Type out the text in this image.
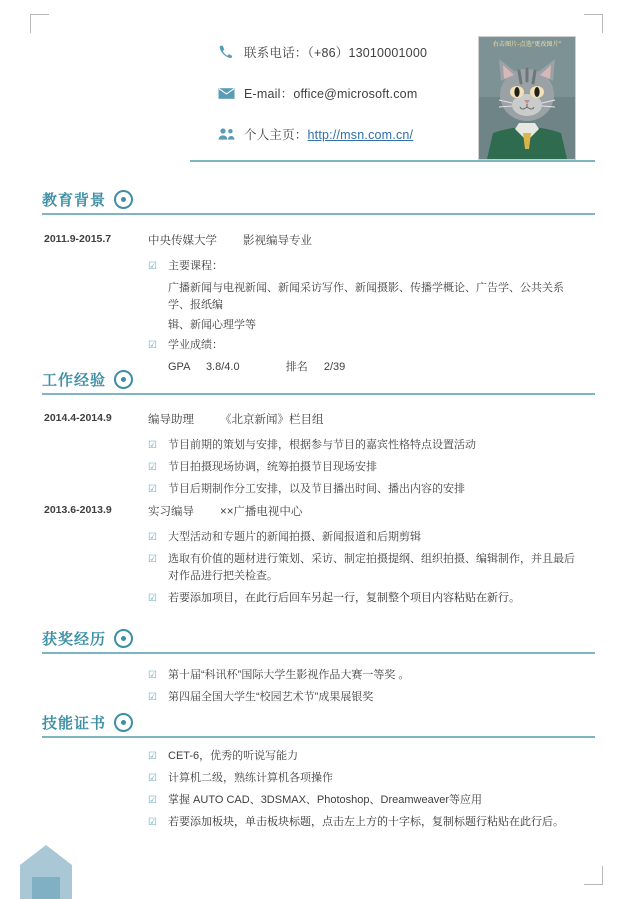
联系电话：（+86）13010001000
E-mail：office@microsoft.com
个人主页：http://msn.com.cn/
右击图片-点选“更改图片”
教育背景
2011.9-2015.7	中央传媒大学 影视编导专业
☑	主要课程：
广播新闻与电视新闻、新闻采访写作、新闻摄影、传播学概论、广告学、公共关系学、报纸编
辑、新闻心理学等
☑	学业成绩：
GPA 3.8/4.0	排名 2/39
工作经验
2014.4-2014.9	编导助理 《北京新闻》栏目组
☑	节目前期的策划与安排，根据参与节目的嘉宾性格特点设置活动
☑	节目拍摄现场协调，统筹拍摄节目现场安排
☑	节目后期制作分工安排，以及节目播出时间、播出内容的安排
2013.6-2013.9	实习编导 ××广播电视中心
☑	大型活动和专题片的新闻拍摄、新闻报道和后期剪辑
☑	选取有价值的题材进行策划、采访、制定拍摄提纲、组织拍摄、编辑制作，并且最后对作品进行把关检查。
☑	若要添加项目，在此行后回车另起一行，复制整个项目内容粘贴在新行。
获奖经历
☑	第十届“科讯杯”国际大学生影视作品大赛一等奖 。
☑	第四届全国大学生“校园艺术节”成果展银奖
技能证书
☑	CET-6，优秀的听说写能力
☑	计算机二级，熟练计算机各项操作
☑	掌握 AUTO CAD、3DSMAX、Photoshop、Dreamweaver等应用
☑	若要添加板块，单击板块标题，点击左上方的十字标，复制标题行粘贴在此行后。
